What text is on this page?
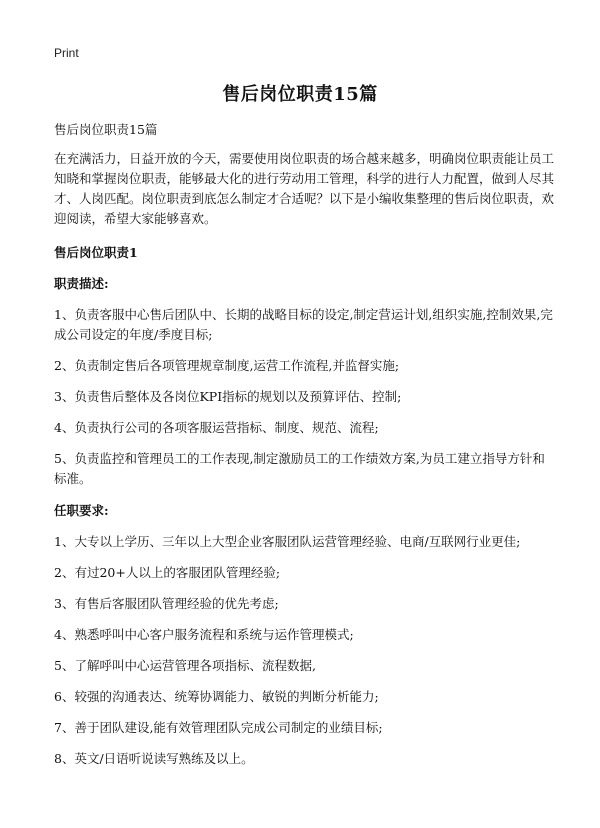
Print
售后岗位职责15篇

售后岗位职责15篇

在充满活力，日益开放的今天，需要使用岗位职责的场合越来越多，明确岗位职责能让员工知晓和掌握岗位职责，能够最大化的进行劳动用工管理，科学的进行人力配置，做到人尽其才、人岗匹配。岗位职责到底怎么制定才合适呢？以下是小编收集整理的售后岗位职责，欢迎阅读，希望大家能够喜欢。

售后岗位职责1

职责描述:

1、负责客服中心售后团队中、长期的战略目标的设定,制定营运计划,组织实施,控制效果,完成公司设定的年度/季度目标;

2、负责制定售后各项管理规章制度,运营工作流程,并监督实施;

3、负责售后整体及各岗位KPI指标的规划以及预算评估、控制;

4、负责执行公司的各项客服运营指标、制度、规范、流程;

5、负责监控和管理员工的工作表现,制定激励员工的工作绩效方案,为员工建立指导方针和标准。

任职要求:

1、大专以上学历、三年以上大型企业客服团队运营管理经验、电商/互联网行业更佳;

2、有过20+人以上的客服团队管理经验;

3、有售后客服团队管理经验的优先考虑;

4、熟悉呼叫中心客户服务流程和系统与运作管理模式;

5、了解呼叫中心运营管理各项指标、流程数据,

6、较强的沟通表达、统筹协调能力、敏锐的判断分析能力;

7、善于团队建设,能有效管理团队完成公司制定的业绩目标;

8、英文/日语听说读写熟练及以上。
